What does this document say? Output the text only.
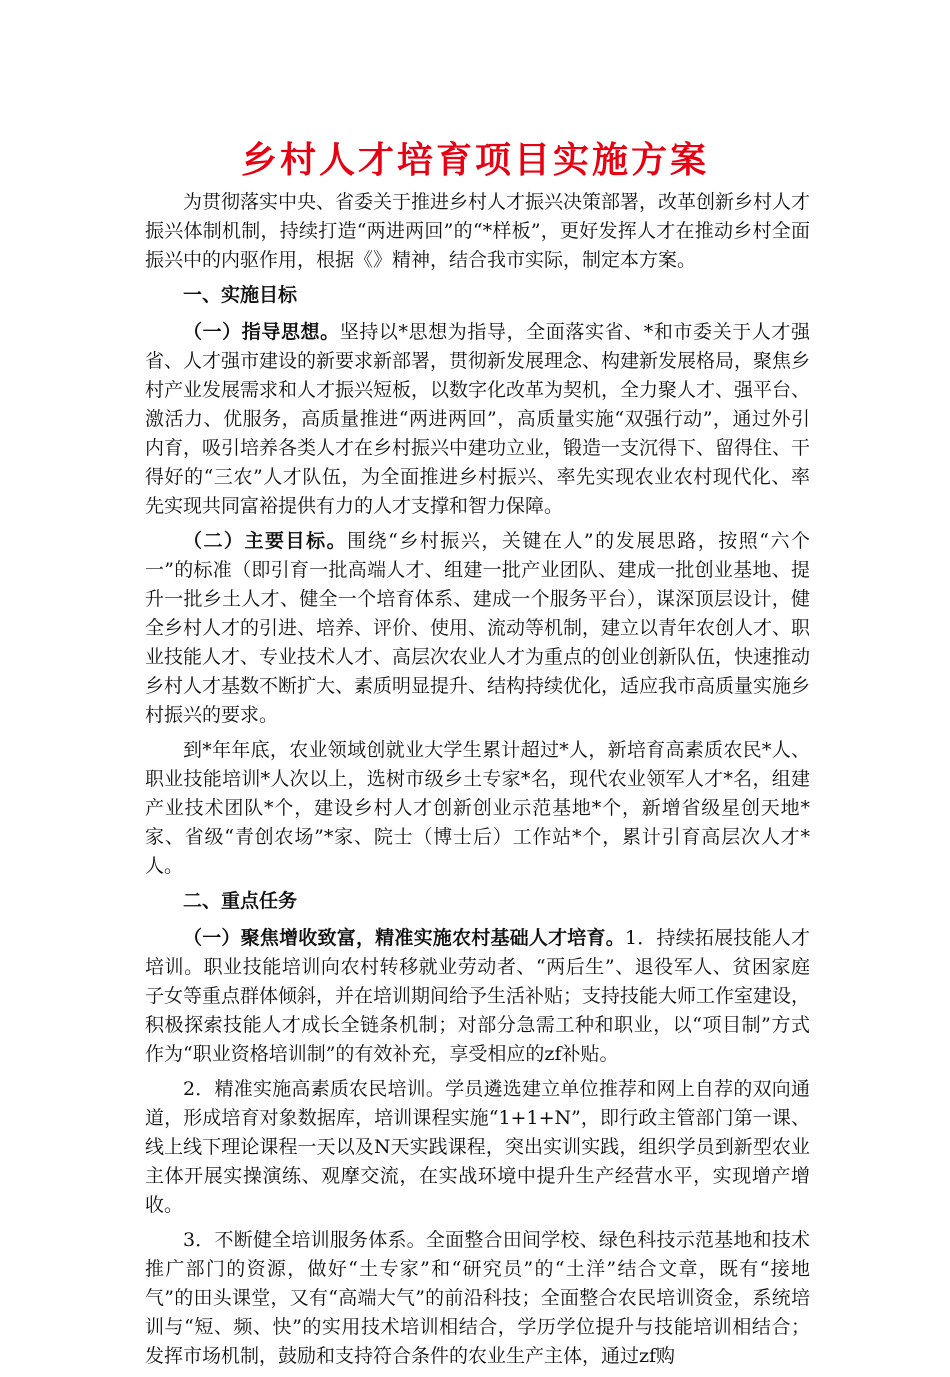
乡村人才培育项目实施方案

为贯彻落实中央、省委关于推进乡村人才振兴决策部署，改革创新乡村人才振兴体制机制，持续打造“两进两回”的“*样板”，更好发挥人才在推动乡村全面振兴中的内驱作用，根据《》精神，结合我市实际，制定本方案。

一、实施目标

（一）指导思想。坚持以*思想为指导，全面落实省、*和市委关于人才强省、人才强市建设的新要求新部署，贯彻新发展理念、构建新发展格局，聚焦乡村产业发展需求和人才振兴短板，以数字化改革为契机，全力聚人才、强平台、激活力、优服务，高质量推进“两进两回”，高质量实施“双强行动”，通过外引内育，吸引培养各类人才在乡村振兴中建功立业，锻造一支沉得下、留得住、干得好的“三农”人才队伍，为全面推进乡村振兴、率先实现农业农村现代化、率先实现共同富裕提供有力的人才支撑和智力保障。

（二）主要目标。围绕“乡村振兴，关键在人”的发展思路，按照“六个一”的标准（即引育一批高端人才、组建一批产业团队、建成一批创业基地、提升一批乡土人才、健全一个培育体系、建成一个服务平台），谋深顶层设计，健全乡村人才的引进、培养、评价、使用、流动等机制，建立以青年农创人才、职业技能人才、专业技术人才、高层次农业人才为重点的创业创新队伍，快速推动乡村人才基数不断扩大、素质明显提升、结构持续优化，适应我市高质量实施乡村振兴的要求。

到*年年底，农业领域创就业大学生累计超过*人，新培育高素质农民*人、职业技能培训*人次以上，选树市级乡土专家*名，现代农业领军人才*名，组建产业技术团队*个，建设乡村人才创新创业示范基地*个，新增省级星创天地*家、省级“青创农场”*家、院士（博士后）工作站*个，累计引育高层次人才*人。

二、重点任务

（一）聚焦增收致富，精准实施农村基础人才培育。1．持续拓展技能人才培训。职业技能培训向农村转移就业劳动者、“两后生”、退役军人、贫困家庭子女等重点群体倾斜，并在培训期间给予生活补贴；支持技能大师工作室建设，积极探索技能人才成长全链条机制；对部分急需工种和职业，以“项目制”方式作为“职业资格培训制”的有效补充，享受相应的zf补贴。

2．精准实施高素质农民培训。学员遴选建立单位推荐和网上自荐的双向通道，形成培育对象数据库，培训课程实施“1+1+N”，即行政主管部门第一课、线上线下理论课程一天以及N天实践课程，突出实训实践，组织学员到新型农业主体开展实操演练、观摩交流，在实战环境中提升生产经营水平，实现增产增收。

3．不断健全培训服务体系。全面整合田间学校、绿色科技示范基地和技术推广部门的资源，做好“土专家”和“研究员”的“土洋”结合文章，既有“接地气”的田头课堂，又有“高端大气”的前沿科技；全面整合农民培训资金，系统培训与“短、频、快”的实用技术培训相结合，学历学位提升与技能培训相结合；发挥市场机制，鼓励和支持符合条件的农业生产主体，通过zf购
